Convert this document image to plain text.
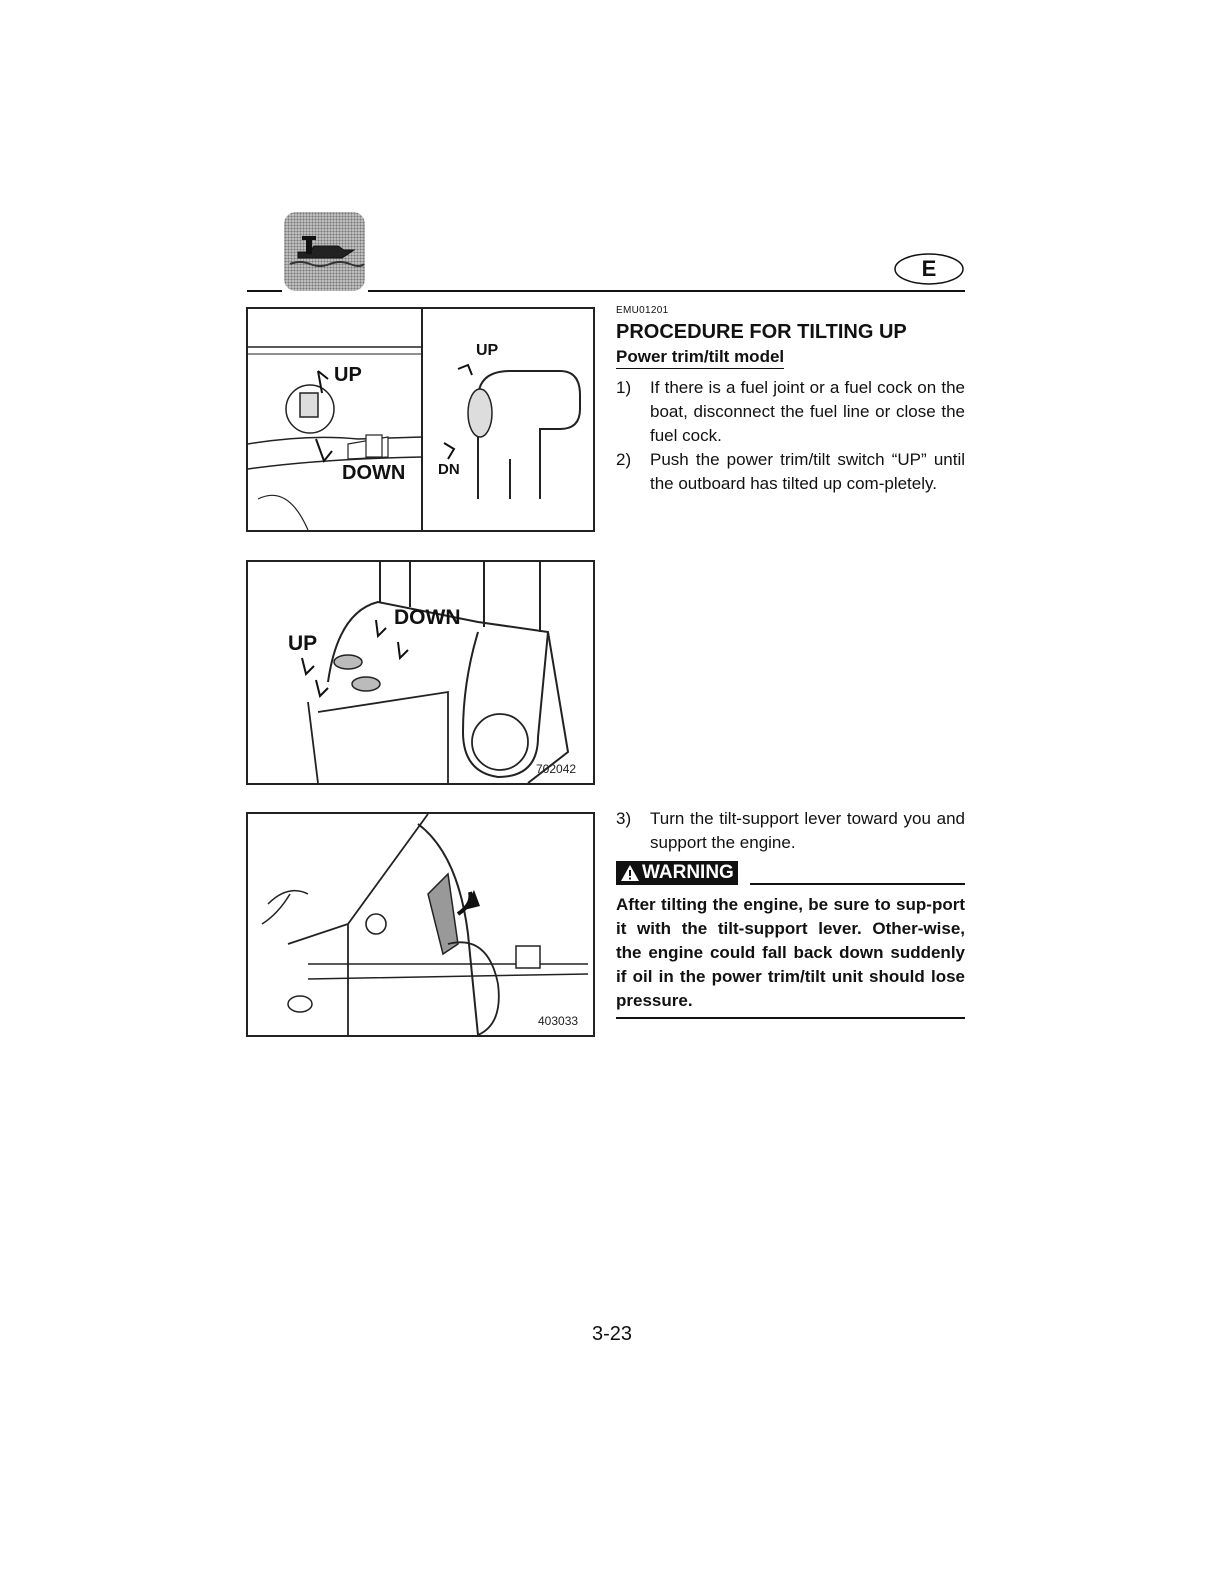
E
UP
DOWN
UP
DN
UP
DOWN
702042
403033
EMU01201
PROCEDURE FOR TILTING UP
Power trim/tilt model
1) If there is a fuel joint or a fuel cock on the boat, disconnect the fuel line or close the fuel cock.
2) Push the power trim/tilt switch “UP” until the outboard has tilted up com-pletely.
3) Turn the tilt-support lever toward you and support the engine.
WARNING
After tilting the engine, be sure to sup-port it with the tilt-support lever. Other-wise, the engine could fall back down suddenly if oil in the power trim/tilt unit should lose pressure.
3-23
